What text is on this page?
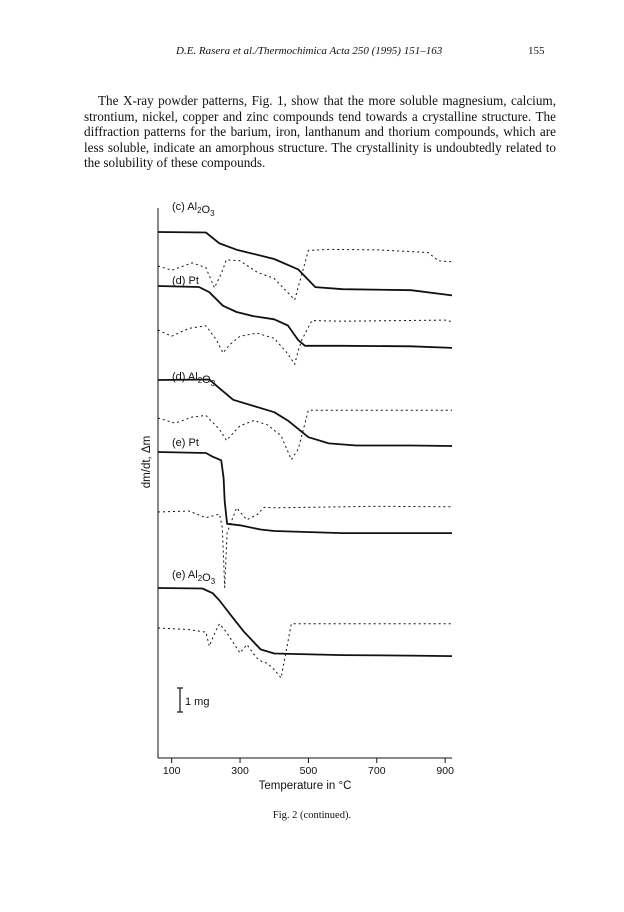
D.E. Rasera et al./Thermochimica Acta 250 (1995) 151–163	155

The X-ray powder patterns, Fig. 1, show that the more soluble magnesium, calcium, strontium, nickel, copper and zinc compounds tend towards a crystalline structure. The diffraction patterns for the barium, iron, lanthanum and thorium compounds, which are less soluble, indicate an amorphous structure. The crystallinity is undoubtedly related to the solubility of these compounds.

(c) $Al_2O_3$
(d) Pt
(d) $Al_2O_3$
(e) Pt
(e) $Al_2O_3$
100	300	500	700	900
Temperature in °C
dm/dt, Δm
1 mg

Fig. 2 (continued).
